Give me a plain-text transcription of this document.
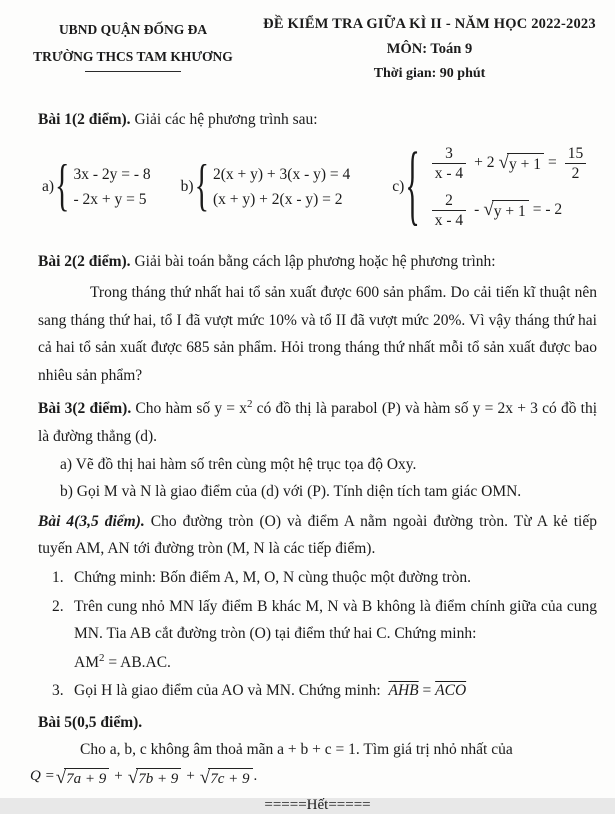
UBND QUẬN ĐỐNG ĐA
TRƯỜNG THCS TAM KHƯƠNG
ĐỀ KIỂM TRA GIỮA KÌ II - NĂM HỌC 2022-2023
MÔN: Toán 9
Thời gian: 90 phút

Bài 1(2 điểm). Giải các hệ phương trình sau:

a) { 3x - 2y = - 8
- 2x + y = 5
b) { 2(x + y) + 3(x - y) = 4
(x + y) + 2(x - y) = 2
c) { $\frac{3}{x - 4} + 2$ √ $y + 1 = \frac{15}{2}$
$\frac{2}{x - 4}$ - √ y + 1 = - 2

Bài 2(2 điểm). Giải bài toán bằng cách lập phương hoặc hệ phương trình:

Trong tháng thứ nhất hai tổ sản xuất được 600 sản phẩm. Do cải tiến kĩ thuật nên sang tháng thứ hai, tổ I đã vượt mức 10% và tổ II đã vượt mức 20%. Vì vậy tháng thứ hai cả hai tổ sản xuất được 685 sản phẩm. Hỏi trong tháng thứ nhất mỗi tổ sản xuất được bao nhiêu sản phẩm?

Bài 3(2 điểm). Cho hàm số $y = x^2$ có đồ thị là parabol (P) và hàm số y = 2x + 3 có đồ thị là đường thẳng (d).

a) Vẽ đồ thị hai hàm số trên cùng một hệ trục tọa độ Oxy.

b) Gọi M và N là giao điểm của (d) với (P). Tính diện tích tam giác OMN.

Bài 4(3,5 điểm). Cho đường tròn (O) và điểm A nằm ngoài đường tròn. Từ A kẻ tiếp tuyến AM, AN tới đường tròn (M, N là các tiếp điểm).

1. Chứng minh: Bốn điểm A, M, O, N cùng thuộc một đường tròn.
2. Trên cung nhỏ MN lấy điểm B khác M, N và B không là điểm chính giữa của cung MN. Tia AB cắt đường tròn (O) tại điểm thứ hai C. Chứng minh:
$AM^2 = AB.AC$.
3. Gọi H là giao điểm của AO và MN. Chứng minh: $\overline{AHB} = \overline{ACO}$

Bài 5(0,5 điểm).

Cho a, b, c không âm thoả mãn a + b + c = 1. Tìm giá trị nhỏ nhất của

Q = √ 7a + 9 + √ 7b + 9 + √ 7c + 9 .
=====Hết=====
